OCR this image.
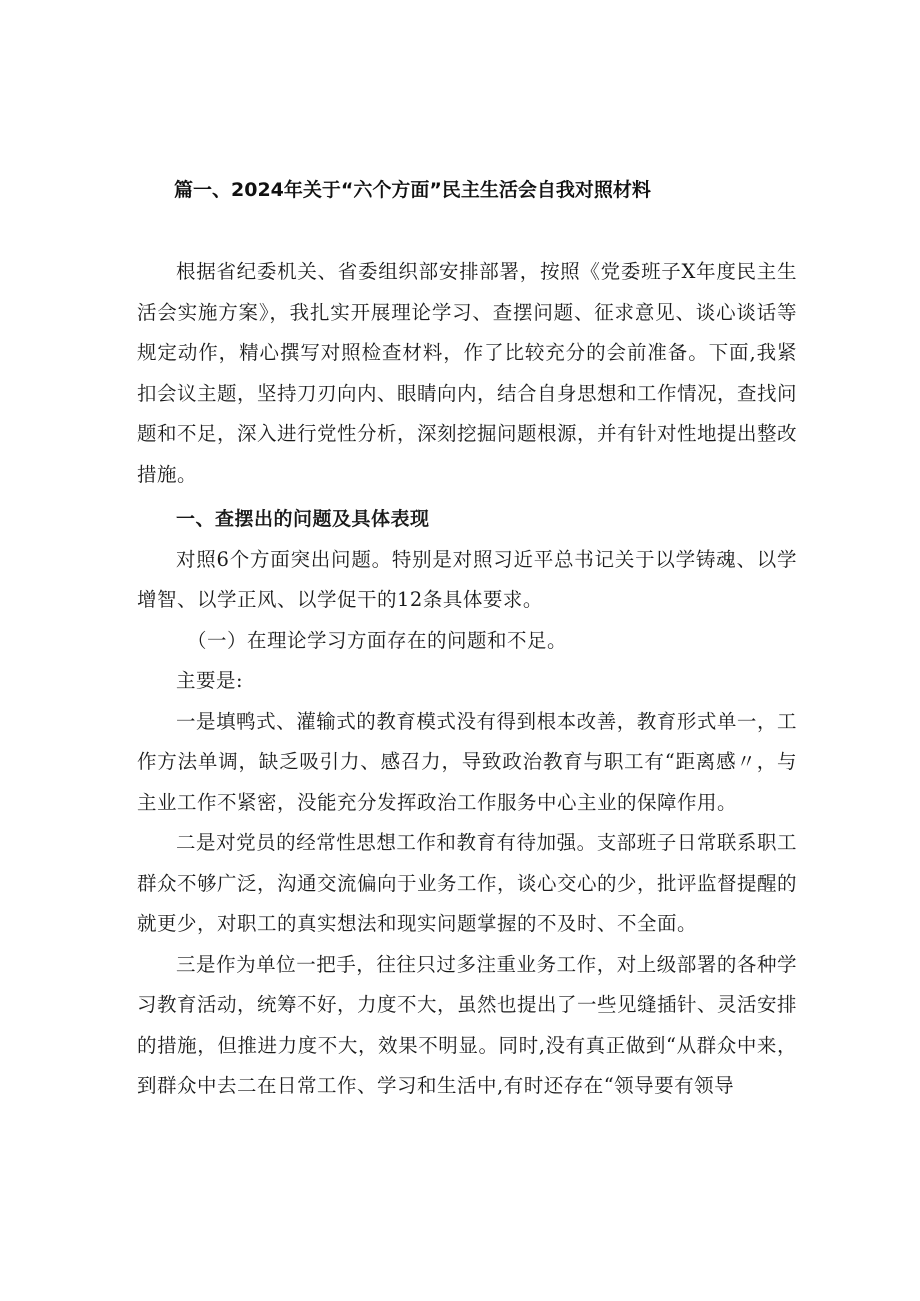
篇一、2024年关于“六个方面”民主生活会自我对照材料

根据省纪委机关、省委组织部安排部署，按照《党委班子X年度民主生活会实施方案》，我扎实开展理论学习、查摆问题、征求意见、谈心谈话等规定动作，精心撰写对照检查材料，作了比较充分的会前准备。下面,我紧扣会议主题，坚持刀刃向内、眼睛向内，结合自身思想和工作情况，查找问题和不足，深入进行党性分析，深刻挖掘问题根源，并有针对性地提出整改措施。

一、查摆出的问题及具体表现

对照6个方面突出问题。特别是对照习近平总书记关于以学铸魂、以学增智、以学正风、以学促干的12条具体要求。

（一）在理论学习方面存在的问题和不足。

主要是:

一是填鸭式、灌输式的教育模式没有得到根本改善，教育形式单一，工作方法单调，缺乏吸引力、感召力，导致政治教育与职工有“距离感〃，与主业工作不紧密，没能充分发挥政治工作服务中心主业的保障作用。

二是对党员的经常性思想工作和教育有待加强。支部班子日常联系职工群众不够广泛，沟通交流偏向于业务工作，谈心交心的少，批评监督提醒的就更少，对职工的真实想法和现实问题掌握的不及时、不全面。

三是作为单位一把手，往往只过多注重业务工作，对上级部署的各种学习教育活动，统筹不好，力度不大，虽然也提出了一些见缝插针、灵活安排的措施，但推进力度不大，效果不明显。同时,没有真正做到“从群众中来，到群众中去二在日常工作、学习和生活中,有时还存在“领导要有领导
